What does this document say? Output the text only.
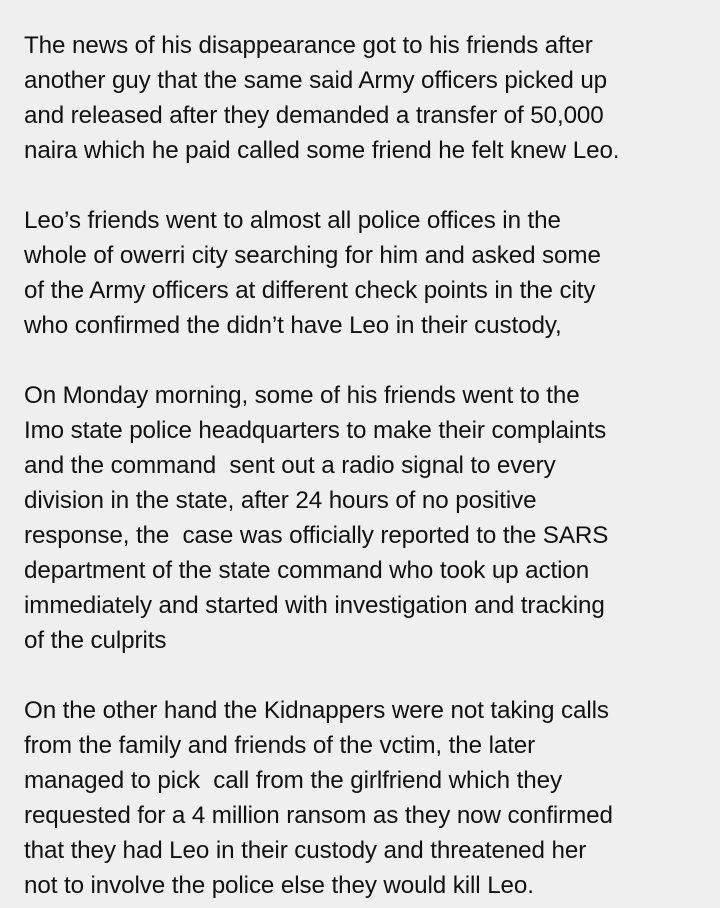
The news of his disappearance got to his friends after
another guy that the same said Army officers picked up
and released after they demanded a transfer of 50,000
naira which he paid called some friend he felt knew Leo.
Leo’s friends went to almost all police offices in the
whole of owerri city searching for him and asked some
of the Army officers at different check points in the city
who confirmed the didn’t have Leo in their custody,
On Monday morning, some of his friends went to the
Imo state police headquarters to make their complaints
and the command  sent out a radio signal to every
division in the state, after 24 hours of no positive
response, the  case was officially reported to the SARS
department of the state command who took up action
immediately and started with investigation and tracking
of the culprits
On the other hand the Kidnappers were not taking calls
from the family and friends of the vctim, the later
managed to pick  call from the girlfriend which they
requested for a 4 million ransom as they now confirmed
that they had Leo in their custody and threatened her
not to involve the police else they would kill Leo.
